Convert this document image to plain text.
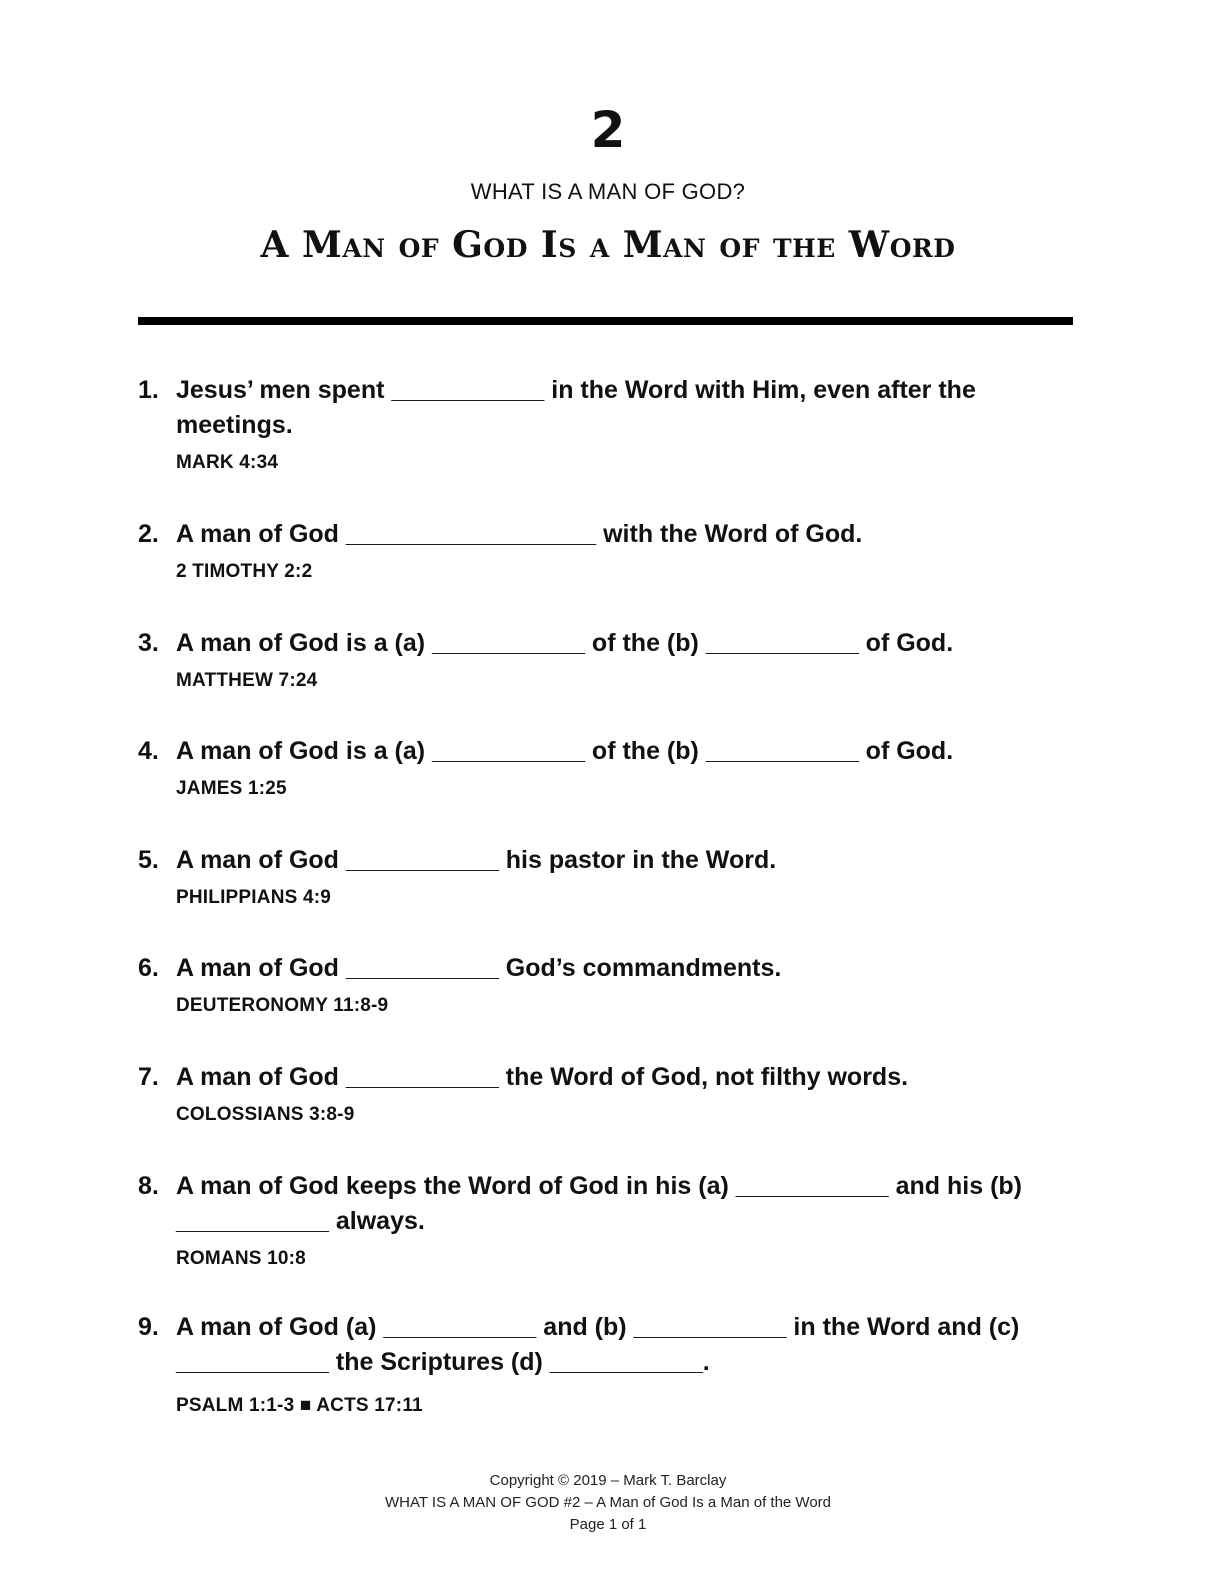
2
WHAT IS A MAN OF GOD?
A Man of God Is a Man of the Word
1. Jesus’ men spent ___________ in the Word with Him, even after the meetings.
MARK 4:34
2. A man of God __________________ with the Word of God.
2 TIMOTHY 2:2
3. A man of God is a (a) ___________ of the (b) ___________ of God.
MATTHEW 7:24
4. A man of God is a (a) ___________ of the (b) ___________ of God.
JAMES 1:25
5. A man of God ___________ his pastor in the Word.
PHILIPPIANS 4:9
6. A man of God ___________ God’s commandments.
DEUTERONOMY 11:8-9
7. A man of God ___________ the Word of God, not filthy words.
COLOSSIANS 3:8-9
8. A man of God keeps the Word of God in his (a) ___________ and his (b) ___________ always.
ROMANS 10:8
9. A man of God (a) ___________ and (b) ___________ in the Word and (c) ___________ the Scriptures (d) ___________.
PSALM 1:1-3 ■ ACTS 17:11
Copyright © 2019 – Mark T. Barclay
WHAT IS A MAN OF GOD #2 – A Man of God Is a Man of the Word
Page 1 of 1
